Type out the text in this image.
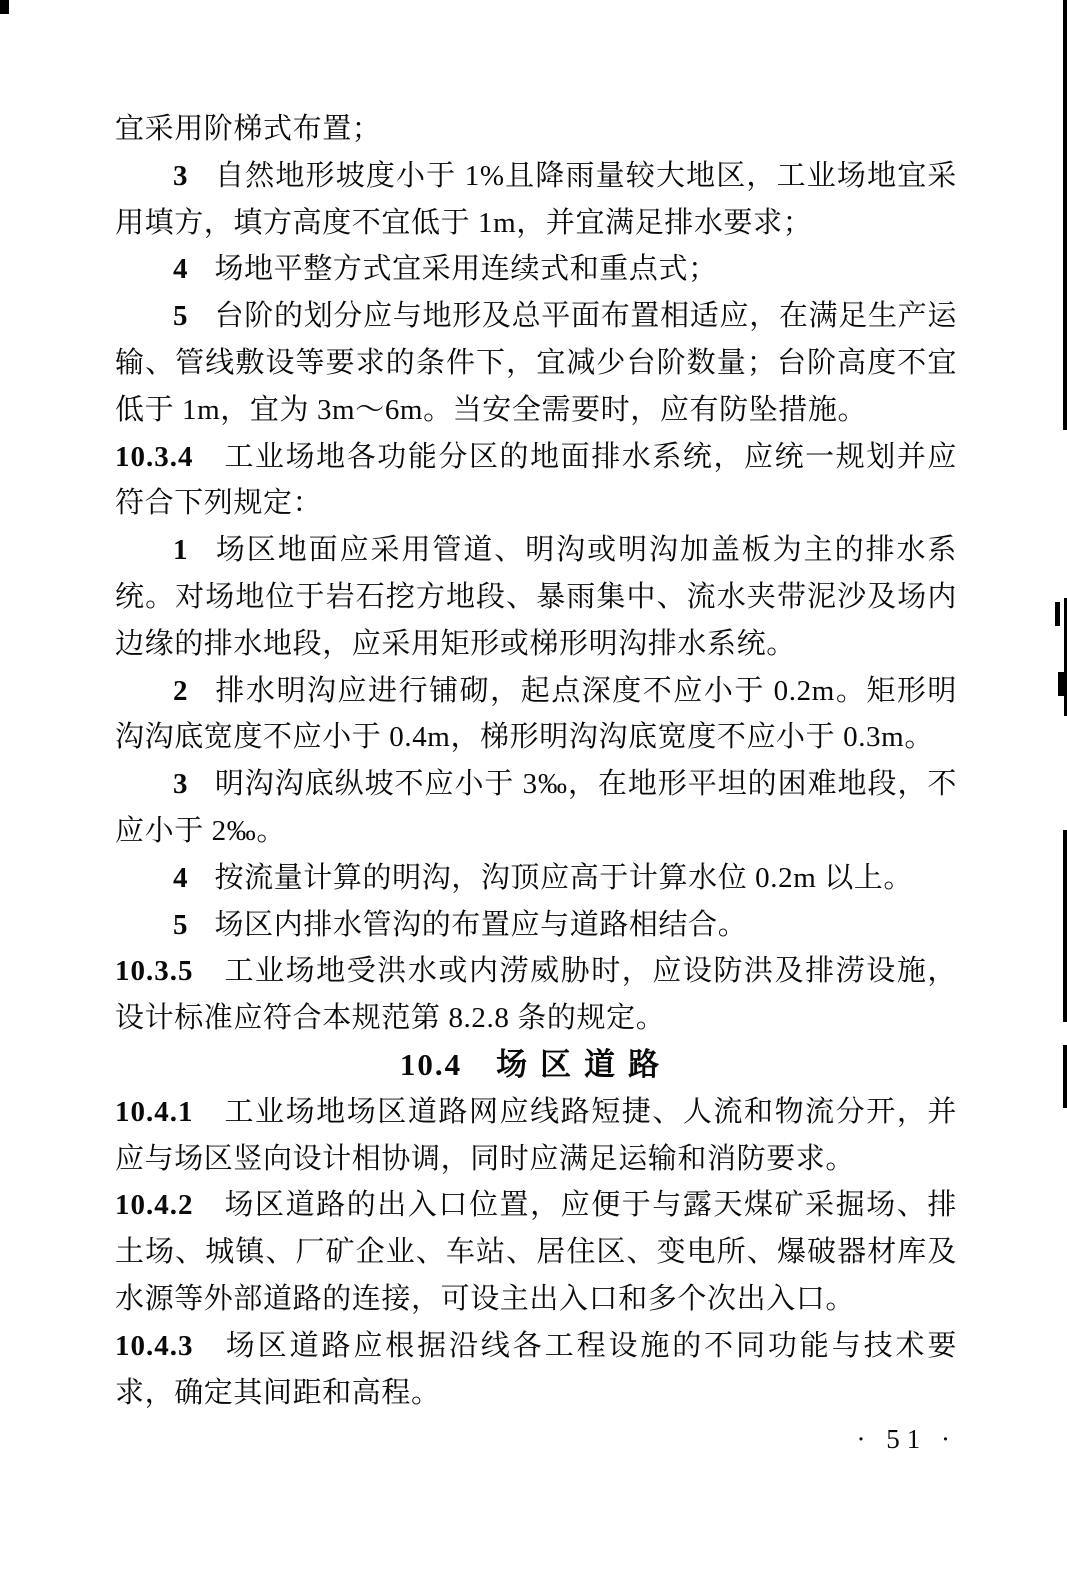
宜采用阶梯式布置；

3 自然地形坡度小于 1%且降雨量较大地区，工业场地宜采用填方，填方高度不宜低于 1m，并宜满足排水要求；

4 场地平整方式宜采用连续式和重点式；

5 台阶的划分应与地形及总平面布置相适应，在满足生产运输、管线敷设等要求的条件下，宜减少台阶数量；台阶高度不宜低于 1m，宜为 3m～6m。当安全需要时，应有防坠措施。

10.3.4 工业场地各功能分区的地面排水系统，应统一规划并应符合下列规定：

1 场区地面应采用管道、明沟或明沟加盖板为主的排水系统。对场地位于岩石挖方地段、暴雨集中、流水夹带泥沙及场内边缘的排水地段，应采用矩形或梯形明沟排水系统。

2 排水明沟应进行铺砌，起点深度不应小于 0.2m。矩形明沟沟底宽度不应小于 0.4m，梯形明沟沟底宽度不应小于 0.3m。

3 明沟沟底纵坡不应小于 3‰，在地形平坦的困难地段，不应小于 2‰。

4 按流量计算的明沟，沟顶应高于计算水位 0.2m 以上。

5 场区内排水管沟的布置应与道路相结合。

10.3.5 工业场地受洪水或内涝威胁时，应设防洪及排涝设施，设计标准应符合本规范第 8.2.8 条的规定。

10.4 场区道路

10.4.1 工业场地场区道路网应线路短捷、人流和物流分开，并应与场区竖向设计相协调，同时应满足运输和消防要求。

10.4.2 场区道路的出入口位置，应便于与露天煤矿采掘场、排土场、城镇、厂矿企业、车站、居住区、变电所、爆破器材库及水源等外部道路的连接，可设主出入口和多个次出入口。

10.4.3 场区道路应根据沿线各工程设施的不同功能与技术要求，确定其间距和高程。

· 51 ·
